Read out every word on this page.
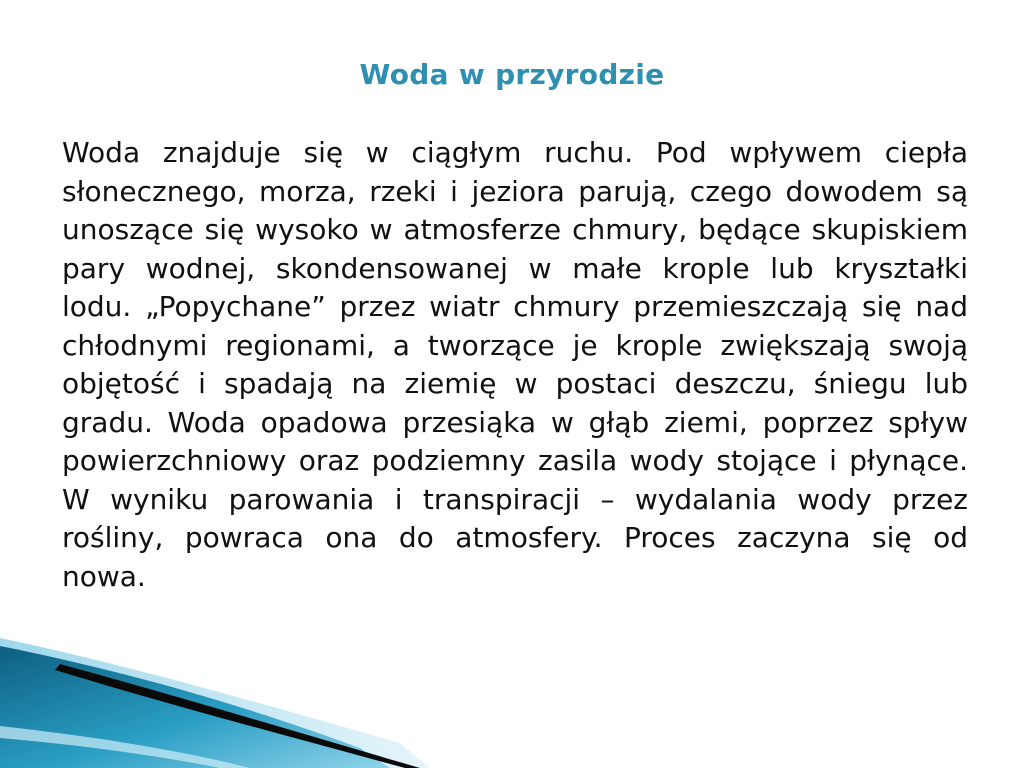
Woda w przyrodzie

Woda znajduje się w ciągłym ruchu. Pod wpływem ciepła słonecznego, morza, rzeki i jeziora parują, czego dowodem są unoszące się wysoko w atmosferze chmury, będące skupiskiem pary wodnej, skondensowanej w małe krople lub kryształki lodu. „Popychane” przez wiatr chmury przemieszczają się nad chłodnymi regionami, a tworzące je krople zwiększają swoją objętość i spadają na ziemię w postaci deszczu, śniegu lub gradu. Woda opadowa przesiąka w głąb ziemi, poprzez spływ powierzchniowy oraz podziemny zasila wody stojące i płynące. W wyniku parowania i transpiracji – wydalania wody przez rośliny, powraca ona do atmosfery. Proces zaczyna się od nowa.
